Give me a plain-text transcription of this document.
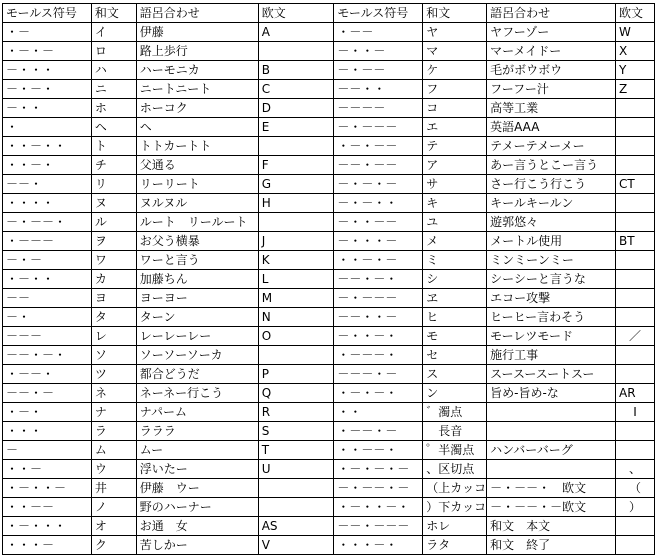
モールス符号	和文	語呂合わせ	欧文	モールス符号	和文	語呂合わせ	欧文
・－	イ	伊藤	A	・－－	ヤ	ヤフーゾー	W
・－・－	ロ	路上歩行		－・・－	マ	マーメイドー	X
－・・・	ハ	ハーモニカ	B	－・－－	ケ	毛がボウボウ	Y
－・－・	ニ	ニートニート	C	－－・・	フ	フーフー汁	Z
－・・	ホ	ホーコク	D	－－－－	コ	高等工業	
・	ヘ	ヘ	E	－・－－－	エ	英語AAA	
・・－・・	ト	トトカートト		・－・－－	テ	テメーテメーメー	
・・－・	チ	父通る	F	－－・－－	ア	あー言うとこー言う	
－－・	リ	リーリート	G	－・－・－	サ	さー行こう行こう	CT
・・・・	ヌ	ヌルヌル	H	－・－・・	キ	キールキールン	
－・－－・	ル	ルート　リールート		－・・－－	ユ	遊郭悠々	
・－－－	ヲ	お父う横暴	J	－・・・－	メ	メートル使用	BT
－・－	ワ	ワーと言う	K	・・－・－	ミ	ミンミーンミー	
・－・・	カ	加藤ちん	L	－－・－・	シ	シーシーと言うな	
－－	ヨ	ヨーヨー	M	－・－－－	ヱ	エコー攻撃	
－・	タ	ターン	N	－－・・－	ヒ	ヒーヒー言わそう	
－－－	レ	レーレーレー	O	－・・－・	モ	モーレツモード	／
－－・－・	ソ	ソーソーソーカ		・－－－・	セ	施行工事	
・－－・	ツ	都合どうだ	P	－－－・－	ス	スースースートスー	
－－・－	ネ	ネーネー行こう	Q	・－・－・	ン	旨め-旨め-な	AR
・－・	ナ	ナパーム	R	・・	゛濁点		I
・・・	ラ	ラララ	S	・－－・－	　長音		
－	ム	ムー	T	・・－－・	゜半濁点	ハンバーバーグ	
・・－	ウ	浮いたー	U	・－・－・－	、区切点		、
・－・・－	井	伊藤　ウー		－・－－・－	（上カッコ	－・－－・　欧文	（
・・－－	ノ	野のハーナー		・－・・－・	）下カッコ	－・－－・－欧文	）
・－・・・	オ	お通　女	AS	－－・－－－	ホレ	和文　本文	
・・・－	ク	苦しかー	V	・・・－・	ラタ	和文　終了	
